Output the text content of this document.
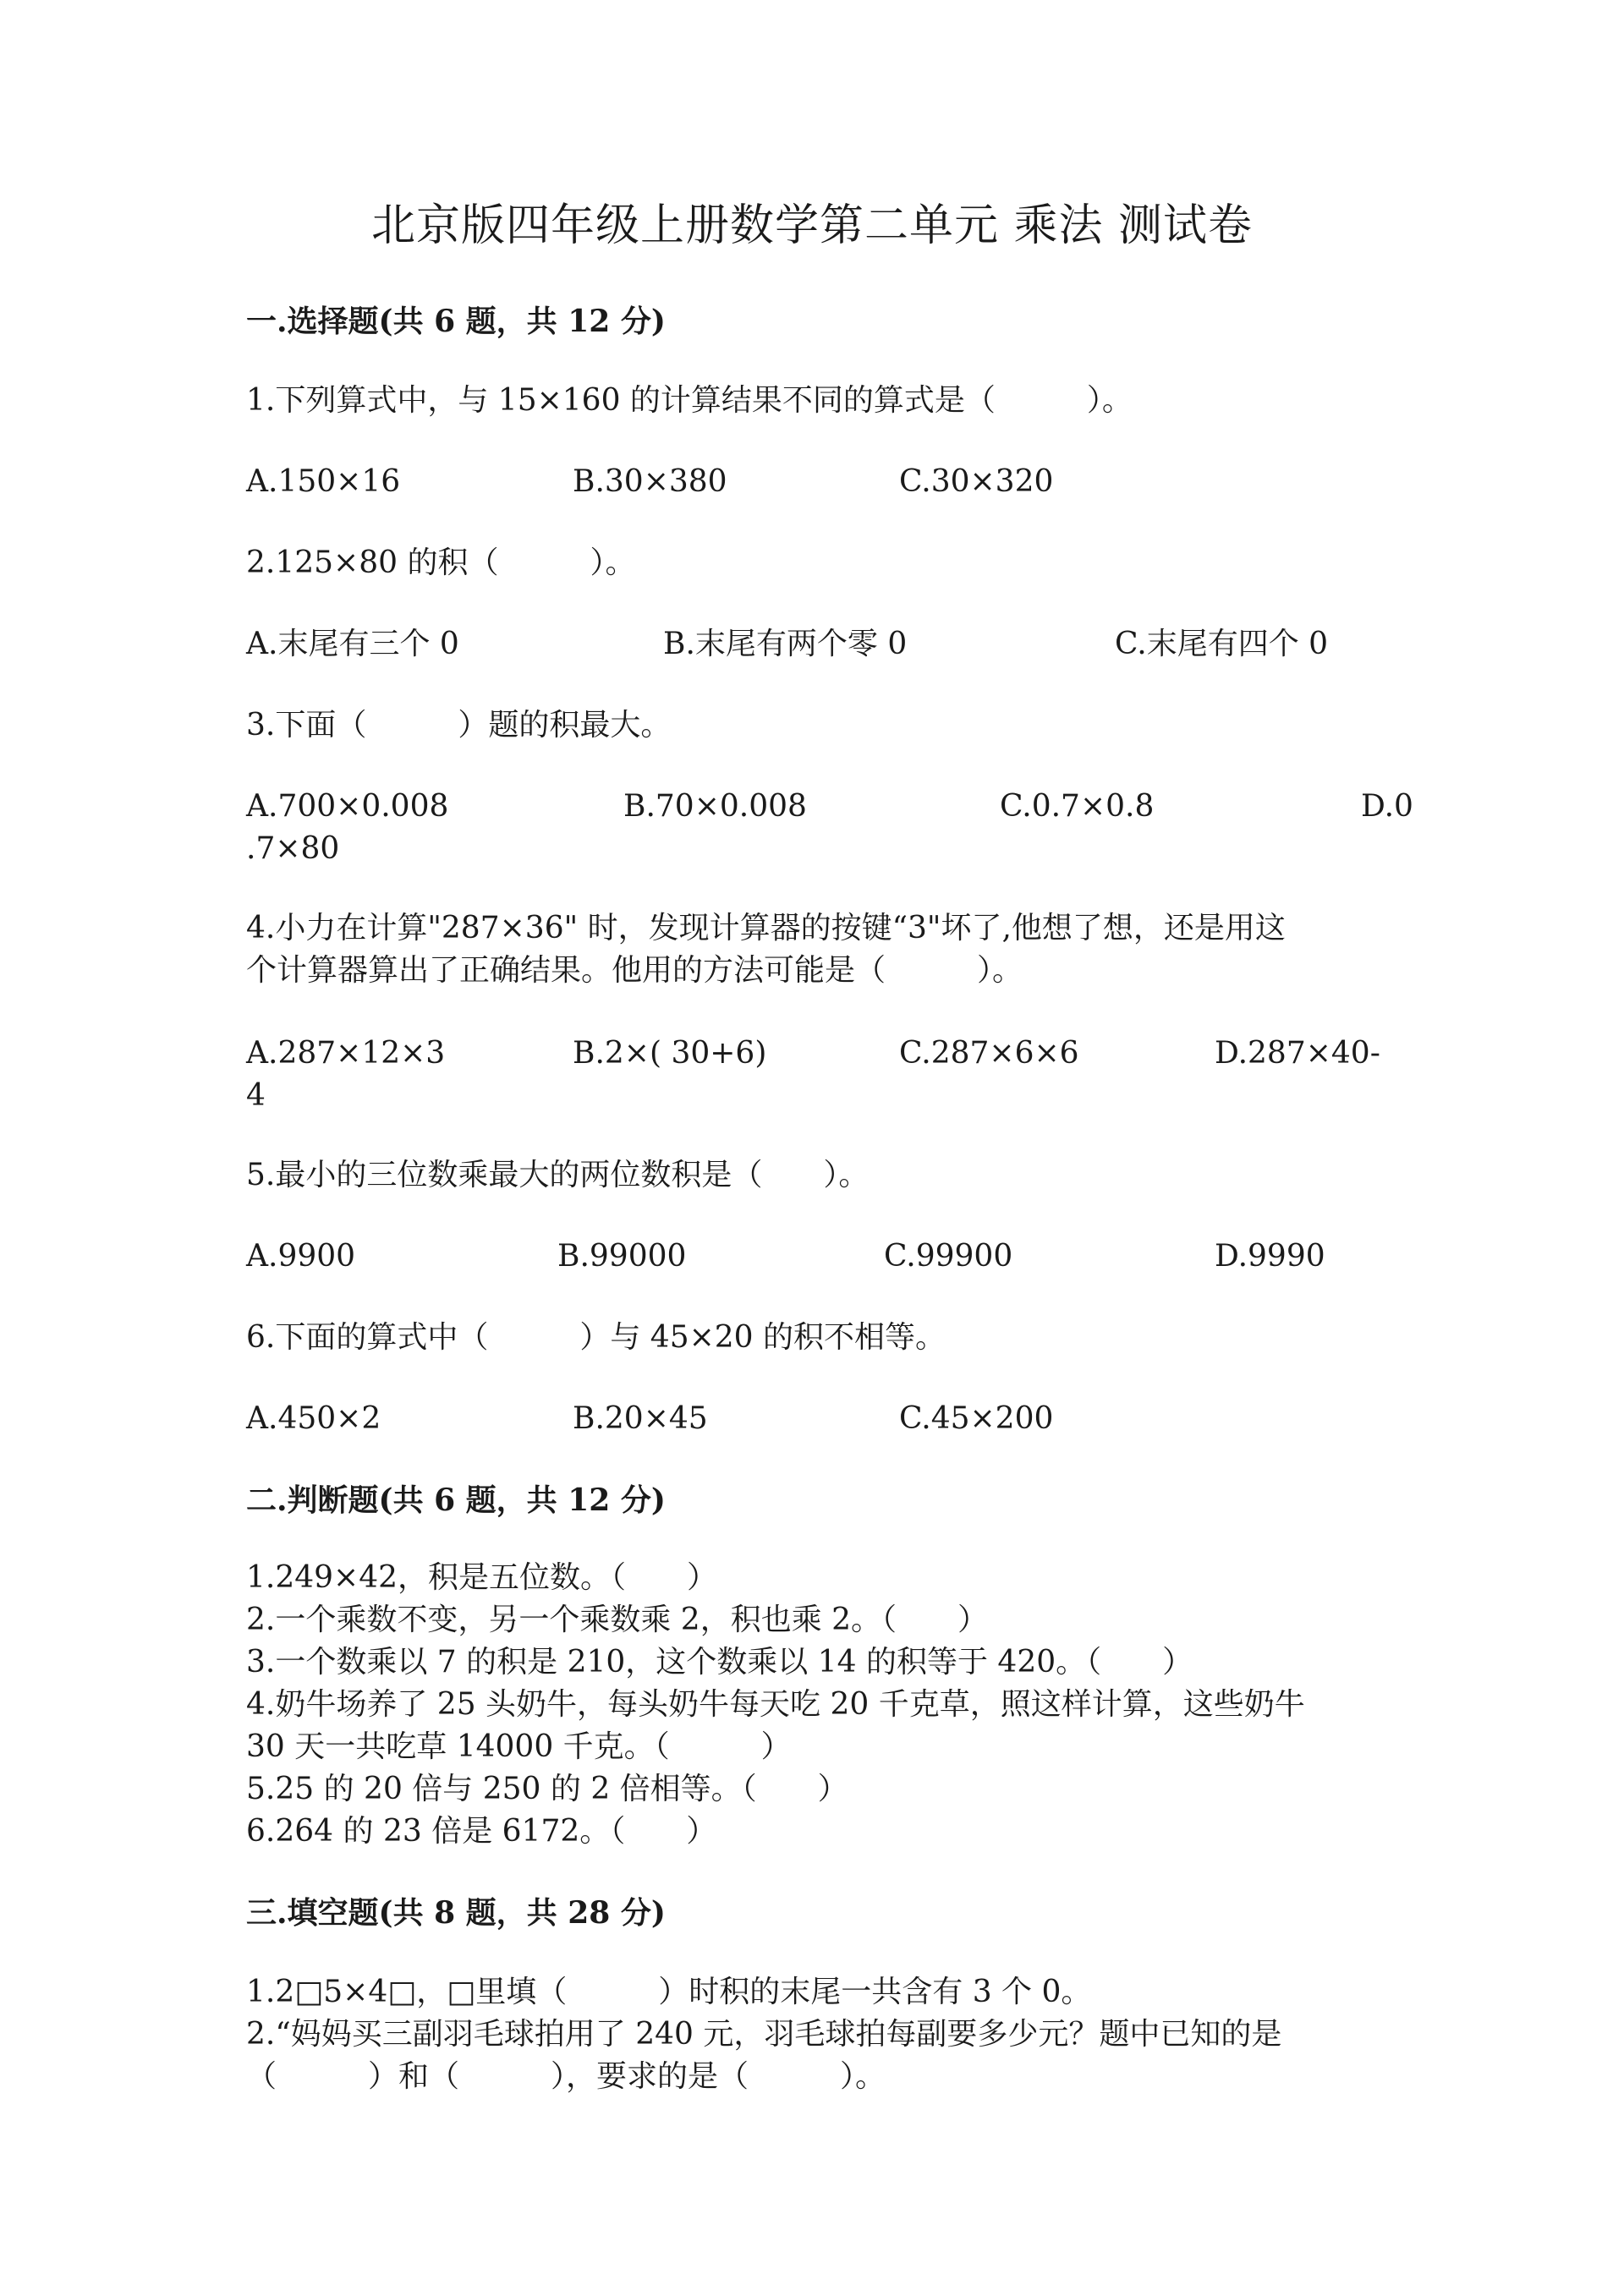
北京版四年级上册数学第二单元 乘法 测试卷
一.选择题(共 6 题，共 12 分)
1.下列算式中，与 15×160 的计算结果不同的算式是（　　　）。
A.150×16	B.30×380	C.30×320
2.125×80 的积（　　　）。
A.末尾有三个 0	B.末尾有两个零 0	C.末尾有四个 0
3.下面（　　　）题的积最大。
A.700×0.008	B.70×0.008	C.0.7×0.8	D.0
.7×80
4.小力在计算"287×36" 时，发现计算器的按键“3"坏了,他想了想，还是用这
个计算器算出了正确结果。他用的方法可能是（　　　）。
A.287×12×3	B.2×( 30+6)	C.287×6×6	D.287×40-
4
5.最小的三位数乘最大的两位数积是（　　）。
A.9900	B.99000	C.99900	D.9990
6.下面的算式中（　　　）与 45×20 的积不相等。
A.450×2	B.20×45	C.45×200
二.判断题(共 6 题，共 12 分)
1.249×42，积是五位数。（　　）
2.一个乘数不变，另一个乘数乘 2，积也乘 2。（　　）
3.一个数乘以 7 的积是 210，这个数乘以 14 的积等于 420。（　　）
4.奶牛场养了 25 头奶牛，每头奶牛每天吃 20 千克草，照这样计算，这些奶牛
30 天一共吃草 14000 千克。（　　　）
5.25 的 20 倍与 250 的 2 倍相等。（　　）
6.264 的 23 倍是 6172。（　　）
三.填空题(共 8 题，共 28 分)
1.2□5×4□，□里填（　　　）时积的末尾一共含有 3 个 0。
2.“妈妈买三副羽毛球拍用了 240 元，羽毛球拍每副要多少元？题中已知的是
（　　　）和（　　　），要求的是（　　　）。
